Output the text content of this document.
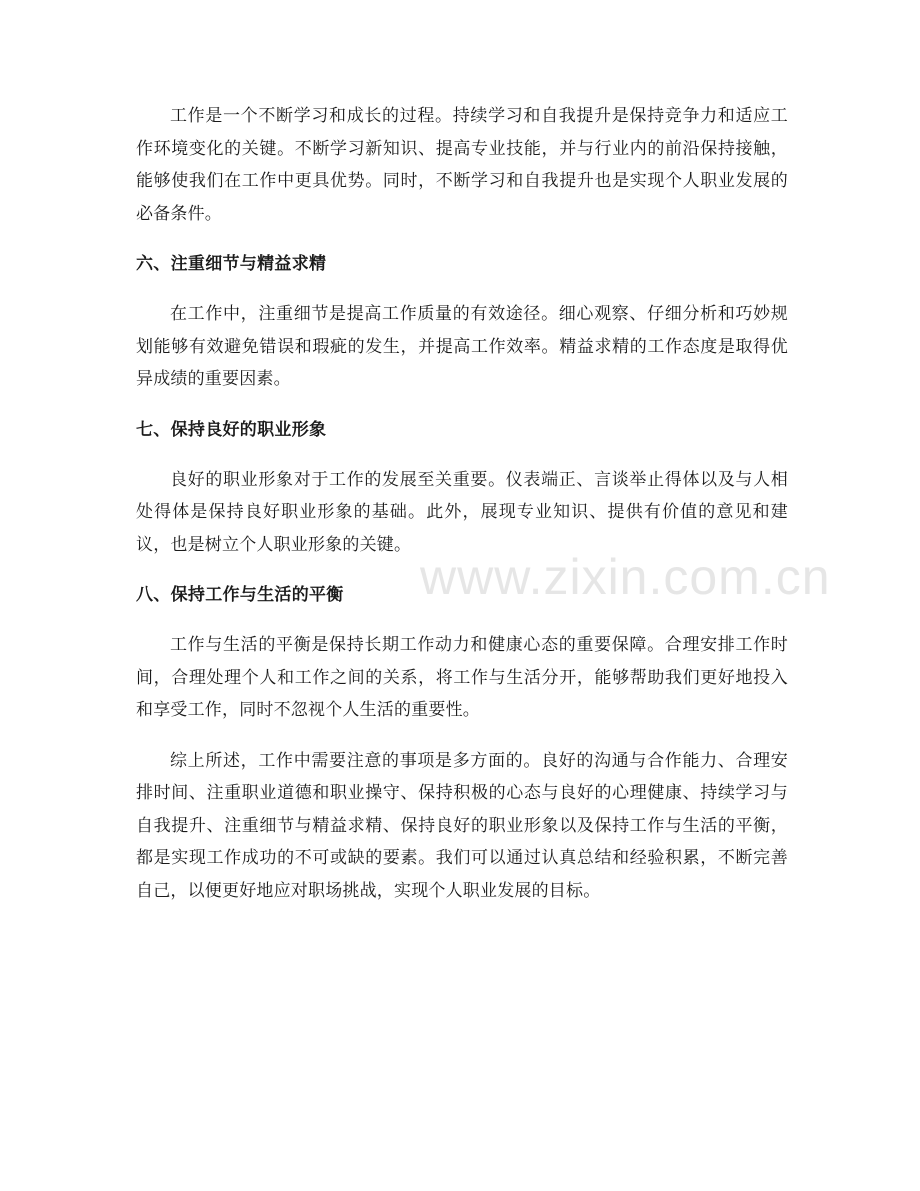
工作是一个不断学习和成长的过程。持续学习和自我提升是保持竞争力和适应工作环境变化的关键。不断学习新知识、提高专业技能，并与行业内的前沿保持接触，能够使我们在工作中更具优势。同时，不断学习和自我提升也是实现个人职业发展的必备条件。

六、注重细节与精益求精

在工作中，注重细节是提高工作质量的有效途径。细心观察、仔细分析和巧妙规划能够有效避免错误和瑕疵的发生，并提高工作效率。精益求精的工作态度是取得优异成绩的重要因素。

七、保持良好的职业形象

良好的职业形象对于工作的发展至关重要。仪表端正、言谈举止得体以及与人相处得体是保持良好职业形象的基础。此外，展现专业知识、提供有价值的意见和建议，也是树立个人职业形象的关键。

八、保持工作与生活的平衡

工作与生活的平衡是保持长期工作动力和健康心态的重要保障。合理安排工作时间，合理处理个人和工作之间的关系，将工作与生活分开，能够帮助我们更好地投入和享受工作，同时不忽视个人生活的重要性。

综上所述，工作中需要注意的事项是多方面的。良好的沟通与合作能力、合理安排时间、注重职业道德和职业操守、保持积极的心态与良好的心理健康、持续学习与自我提升、注重细节与精益求精、保持良好的职业形象以及保持工作与生活的平衡，都是实现工作成功的不可或缺的要素。我们可以通过认真总结和经验积累，不断完善自己，以便更好地应对职场挑战，实现个人职业发展的目标。

www.zixin.com.cn
